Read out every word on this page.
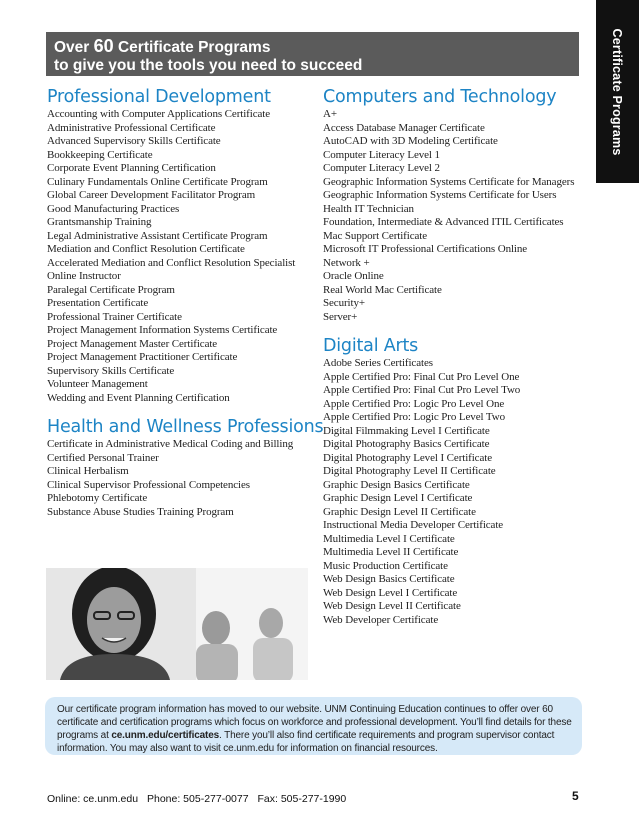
Certificate Programs
Over 60 Certificate Programs
to give you the tools you need to succeed
Professional Development
Accounting with Computer Applications Certificate
Administrative Professional Certificate
Advanced Supervisory Skills Certificate
Bookkeeping Certificate
Corporate Event Planning Certification
Culinary Fundamentals Online Certificate Program
Global Career Development Facilitator Program
Good Manufacturing Practices
Grantsmanship Training
Legal Administrative Assistant Certificate Program
Mediation and Conflict Resolution Certificate
Accelerated Mediation and Conflict Resolution Specialist
Online Instructor
Paralegal Certificate Program
Presentation Certificate
Professional Trainer Certificate
Project Management Information Systems Certificate
Project Management Master Certificate
Project Management Practitioner Certificate
Supervisory Skills Certificate
Volunteer Management
Wedding and Event Planning Certification
Health and Wellness Professions
Certificate in Administrative Medical Coding and Billing
Certified Personal Trainer
Clinical Herbalism
Clinical Supervisor Professional Competencies
Phlebotomy Certificate
Substance Abuse Studies Training Program
Computers and Technology
A+
Access Database Manager Certificate
AutoCAD with 3D Modeling Certificate
Computer Literacy Level 1
Computer Literacy Level 2
Geographic Information Systems Certificate for Managers
Geographic Information Systems Certificate for Users
Health IT Technician
Foundation, Intermediate & Advanced ITIL Certificates
Mac Support Certificate
Microsoft IT Professional Certifications Online
Network +
Oracle Online
Real World Mac Certificate
Security+
Server+
Digital Arts
Adobe Series Certificates
Apple Certified Pro: Final Cut Pro Level One
Apple Certified Pro: Final Cut Pro Level Two
Apple Certified Pro: Logic Pro Level One
Apple Certified Pro: Logic Pro Level Two
Digital Filmmaking Level I Certificate
Digital Photography Basics Certificate
Digital Photography Level I Certificate
Digital Photography Level II Certificate
Graphic Design Basics Certificate
Graphic Design Level I Certificate
Graphic Design Level II Certificate
Instructional Media Developer Certificate
Multimedia Level I Certificate
Multimedia Level II Certificate
Music Production Certificate
Web Design Basics Certificate
Web Design Level I Certificate
Web Design Level II Certificate
Web Developer Certificate
Our certificate program information has moved to our website. UNM Continuing Education continues to offer over 60 certificate and certification programs which focus on workforce and professional development. You’ll find details for these programs at ce.unm.edu/certificates. There you’ll also find certificate requirements and program supervisor contact information. You may also want to visit ce.unm.edu for information on financial resources.
Online: ce.unm.edu Phone: 505-277-0077 Fax: 505-277-1990	5
